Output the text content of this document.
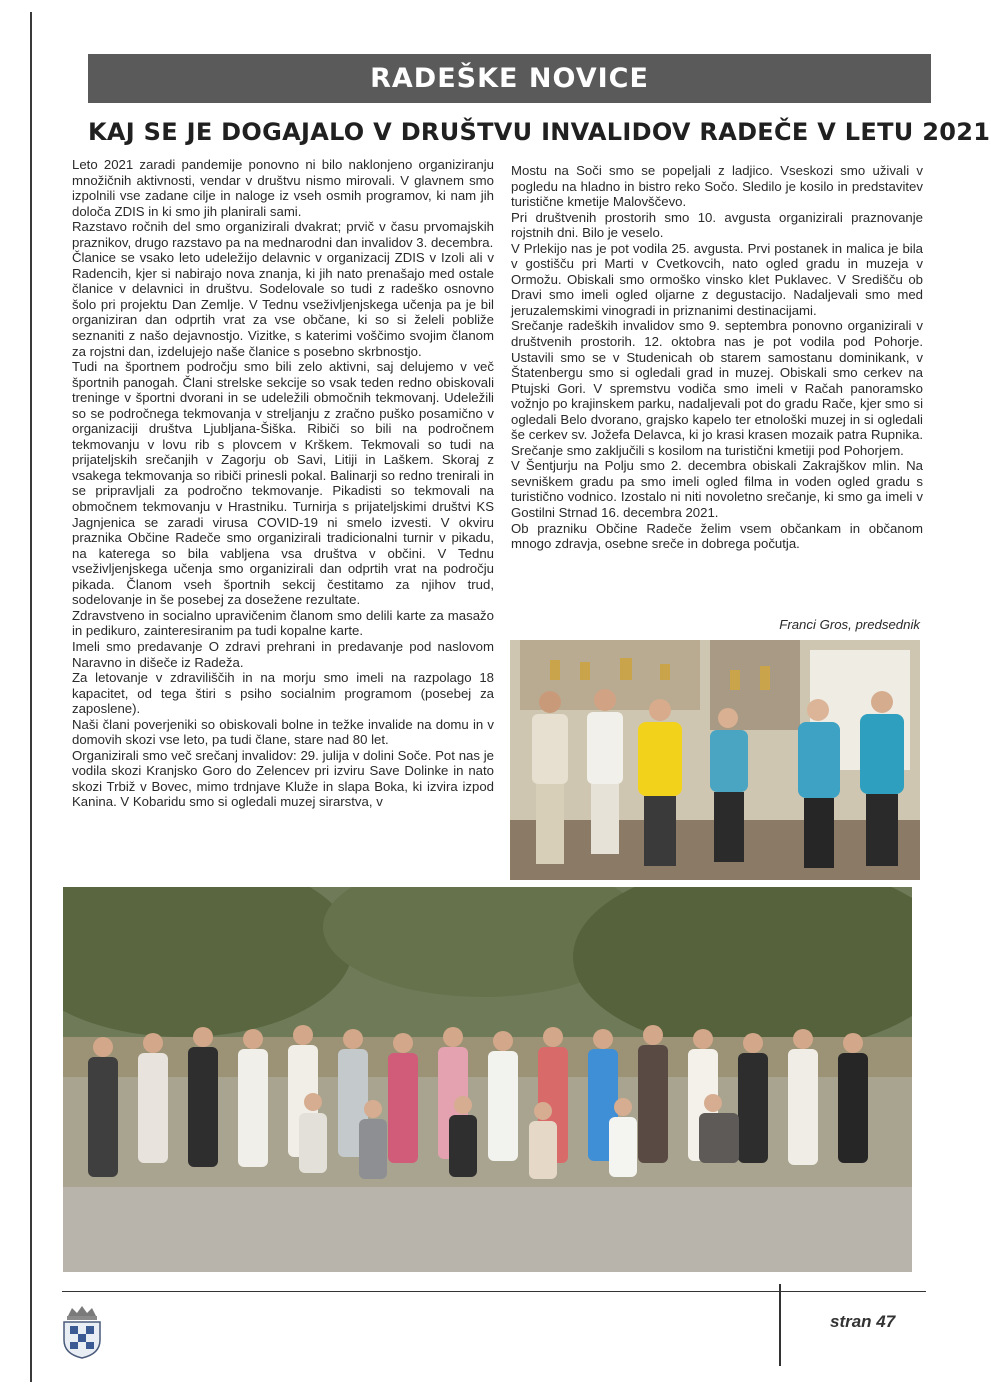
RADEŠKE NOVICE
KAJ SE JE DOGAJALO V DRUŠTVU INVALIDOV RADEČE V LETU 2021

Leto 2021 zaradi pandemije ponovno ni bilo naklonjeno organiziranju množičnih aktivnosti, vendar v društvu nismo mirovali. V glavnem smo izpolnili vse zadane cilje in naloge iz vseh osmih programov, ki nam jih določa ZDIS in ki smo jih planirali sami.

Razstavo ročnih del smo organizirali dvakrat; prvič v času prvomajskih praznikov, drugo razstavo pa na mednarodni dan invalidov 3. decembra.

Članice se vsako leto udeležijo delavnic v organizacij ZDIS v Izoli ali v Radencih, kjer si nabirajo nova znanja, ki jih nato prenašajo med ostale članice v delavnici in društvu. Sodelovale so tudi z radeško osnovno šolo pri projektu Dan Zemlje. V Tednu vseživljenjskega učenja pa je bil organiziran dan odprtih vrat za vse občane, ki so si želeli pobliže seznaniti z našo dejavnostjo. Vizitke, s katerimi voščimo svojim članom za rojstni dan, izdelujejo naše članice s posebno skrbnostjo.

Tudi na športnem področju smo bili zelo aktivni, saj delujemo v več športnih panogah. Člani strelske sekcije so vsak teden redno obiskovali treninge v športni dvorani in se udeležili območnih tekmovanj. Udeležili so se področnega tekmovanja v streljanju z zračno puško posamično v organizaciji društva Ljubljana-Šiška. Ribiči so bili na področnem tekmovanju v lovu rib s plovcem v Krškem. Tekmovali so tudi na prijateljskih srečanjih v Zagorju ob Savi, Litiji in Laškem. Skoraj z vsakega tekmovanja so ribiči prinesli pokal. Balinarji so redno trenirali in se pripravljali za področno tekmovanje. Pikadisti so tekmovali na območnem tekmovanju v Hrastniku. Turnirja s prijateljskimi društvi KS Jagnjenica se zaradi virusa COVID-19 ni smelo izvesti. V okviru praznika Občine Radeče smo organizirali tradicionalni turnir v pikadu, na katerega so bila vabljena vsa društva v občini. V Tednu vseživljenjskega učenja smo organizirali dan odprtih vrat na področju pikada. Članom vseh športnih sekcij čestitamo za njihov trud, sodelovanje in še posebej za dosežene rezultate.

Zdravstveno in socialno upravičenim članom smo delili karte za masažo in pedikuro, zainteresiranim pa tudi kopalne karte.

Imeli smo predavanje O zdravi prehrani in predavanje pod naslovom Naravno in dišeče iz Radeža.

Za letovanje v zdraviliščih in na morju smo imeli na razpolago 18 kapacitet, od tega štiri s psiho socialnim programom (posebej za zaposlene).

Naši člani poverjeniki so obiskovali bolne in težke invalide na domu in v domovih skozi vse leto, pa tudi člane, stare nad 80 let.

Organizirali smo več srečanj invalidov: 29. julija v dolini Soče. Pot nas je vodila skozi Kranjsko Goro do Zelencev pri izviru Save Dolinke in nato skozi Trbiž v Bovec, mimo trdnjave Kluže in slapa Boka, ki izvira izpod Kanina. V Kobaridu smo si ogledali muzej sirarstva, v

Mostu na Soči smo se popeljali z ladjico. Vseskozi smo uživali v pogledu na hladno in bistro reko Sočo. Sledilo je kosilo in predstavitev turistične kmetije Malovščevo.

Pri društvenih prostorih smo 10. avgusta organizirali praznovanje rojstnih dni. Bilo je veselo.

V Prlekijo nas je pot vodila 25. avgusta. Prvi postanek in malica je bila v gostišču pri Marti v Cvetkovcih, nato ogled gradu in muzeja v Ormožu. Obiskali smo ormoško vinsko klet Puklavec. V Središču ob Dravi smo imeli ogled oljarne z degustacijo. Nadaljevali smo med jeruzalemskimi vinogradi in priznanimi destinacijami.

Srečanje radeških invalidov smo 9. septembra ponovno organizirali v društvenih prostorih. 12. oktobra nas je pot vodila pod Pohorje. Ustavili smo se v Studenicah ob starem samostanu dominikank, v Štatenbergu smo si ogledali grad in muzej. Obiskali smo cerkev na Ptujski Gori. V spremstvu vodiča smo imeli v Račah panoramsko vožnjo po krajinskem parku, nadaljevali pot do gradu Rače, kjer smo si ogledali Belo dvorano, grajsko kapelo ter etnološki muzej in si ogledali še cerkev sv. Jožefa Delavca, ki jo krasi krasen mozaik patra Rupnika. Srečanje smo zaključili s kosilom na turistični kmetiji pod Pohorjem.

V Šentjurju na Polju smo 2. decembra obiskali Zakrajškov mlin. Na sevniškem gradu pa smo imeli ogled filma in voden ogled gradu s turistično vodnico. Izostalo ni niti novoletno srečanje, ki smo ga imeli v Gostilni Strnad 16. decembra 2021.

Ob prazniku Občine Radeče želim vsem občankam in občanom mnogo zdravja, osebne sreče in dobrega počutja.

Franci Gros, predsednik
stran 47
